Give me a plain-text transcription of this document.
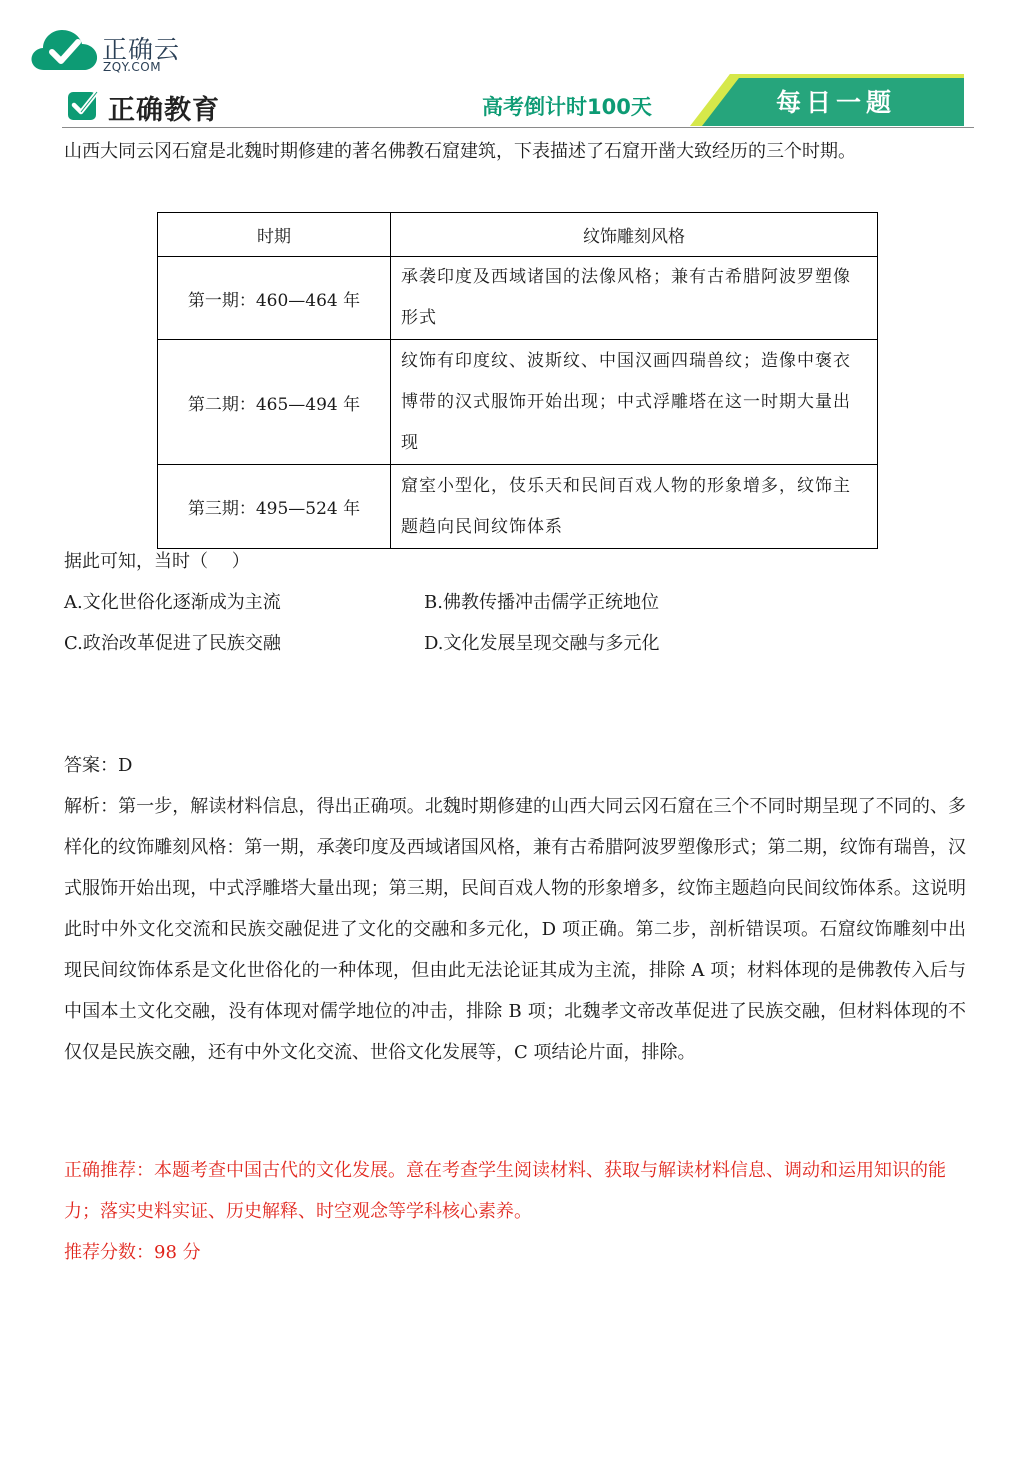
正确云
ZQY.COM
正确教育	高考倒计时100天	每日一题
山西大同云冈石窟是北魏时期修建的著名佛教石窟建筑，下表描述了石窟开凿大致经历的三个时期。
时期	纹饰雕刻风格
第一期：460—464 年	承袭印度及西域诸国的法像风格；兼有古希腊阿波罗塑像形式
第二期：465—494 年	纹饰有印度纹、波斯纹、中国汉画四瑞兽纹；造像中褒衣博带的汉式服饰开始出现；中式浮雕塔在这一时期大量出现
第三期：495—524 年	窟室小型化，伎乐天和民间百戏人物的形象增多，纹饰主题趋向民间纹饰体系
据此可知，当时（　 ）
A.文化世俗化逐渐成为主流	B.佛教传播冲击儒学正统地位
C.政治改革促进了民族交融	D.文化发展呈现交融与多元化
答案：D
解析：第一步，解读材料信息，得出正确项。北魏时期修建的山西大同云冈石窟在三个不同时期呈现了不同的、多样化的纹饰雕刻风格：第一期，承袭印度及西域诸国风格，兼有古希腊阿波罗塑像形式；第二期，纹饰有瑞兽，汉式服饰开始出现，中式浮雕塔大量出现；第三期，民间百戏人物的形象增多，纹饰主题趋向民间纹饰体系。这说明此时中外文化交流和民族交融促进了文化的交融和多元化，D 项正确。第二步，剖析错误项。石窟纹饰雕刻中出现民间纹饰体系是文化世俗化的一种体现，但由此无法论证其成为主流，排除 A 项；材料体现的是佛教传入后与中国本土文化交融，没有体现对儒学地位的冲击，排除 B 项；北魏孝文帝改革促进了民族交融，但材料体现的不仅仅是民族交融，还有中外文化交流、世俗文化发展等，C 项结论片面，排除。
正确推荐：本题考查中国古代的文化发展。意在考查学生阅读材料、获取与解读材料信息、调动和运用知识的能力；落实史料实证、历史解释、时空观念等学科核心素养。
推荐分数：98 分
